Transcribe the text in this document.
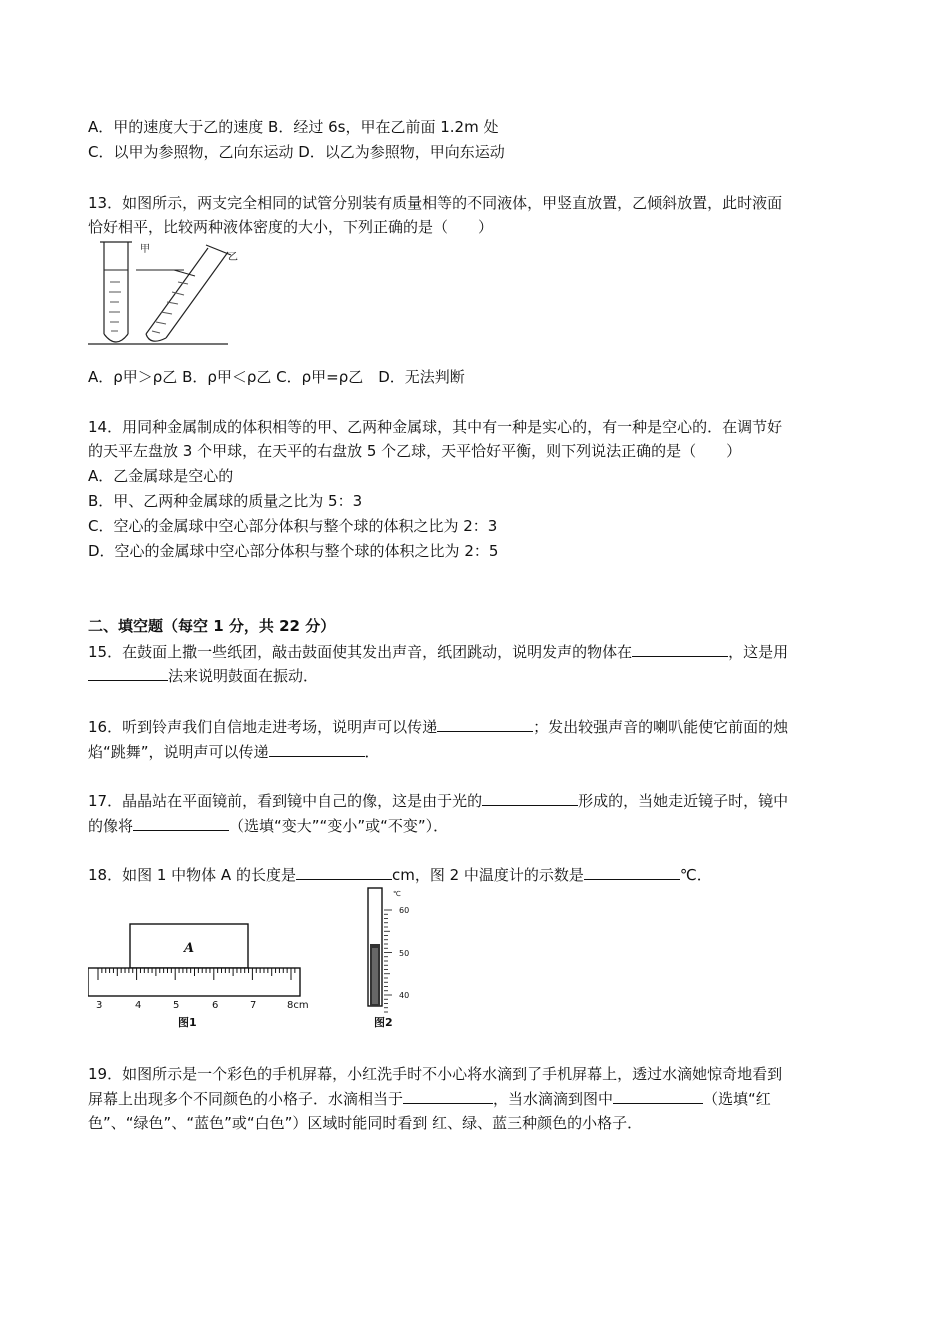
A．甲的速度大于乙的速度 B．经过 6s，甲在乙前面 1.2m 处
C．以甲为参照物，乙向东运动 D．以乙为参照物，甲向东运动
13．如图所示，两支完全相同的试管分别装有质量相等的不同液体，甲竖直放置，乙倾斜放置，此时液面
恰好相平，比较两种液体密度的大小，下列正确的是（　　）
甲
乙
A．ρ甲＞ρ乙 B．ρ甲＜ρ乙 C．ρ甲=ρ乙　D．无法判断
14．用同种金属制成的体积相等的甲、乙两种金属球，其中有一种是实心的，有一种是空心的．在调节好
的天平左盘放 3 个甲球，在天平的右盘放 5 个乙球，天平恰好平衡，则下列说法正确的是（　　）
A．乙金属球是空心的
B．甲、乙两种金属球的质量之比为 5：3
C．空心的金属球中空心部分体积与整个球的体积之比为 2：3
D．空心的金属球中空心部分体积与整个球的体积之比为 2：5
二、填空题（每空 1 分，共 22 分）
15．在鼓面上撒一些纸团，敲击鼓面使其发出声音，纸团跳动，说明发声的物体在	，这是用
法来说明鼓面在振动．
16．听到铃声我们自信地走进考场，说明声可以传递	；发出较强声音的喇叭能使它前面的烛
焰“跳舞”，说明声可以传递	．
17．晶晶站在平面镜前，看到镜中自己的像，这是由于光的	形成的，当她走近镜子时，镜中
的像将	（选填“变大”“变小”或“不变”）．
18．如图 1 中物体 A 的长度是	cm，图 2 中温度计的示数是	℃．
A
3	4	5	6	7	8cm
图1
℃
60
50
40
图2
19．如图所示是一个彩色的手机屏幕，小红洗手时不小心将水滴到了手机屏幕上，透过水滴她惊奇地看到
屏幕上出现多个不同颜色的小格子．水滴相当于	，当水滴滴到图中	（选填“红
色”、“绿色”、“蓝色”或“白色”）区域时能同时看到 红、绿、蓝三种颜色的小格子．
